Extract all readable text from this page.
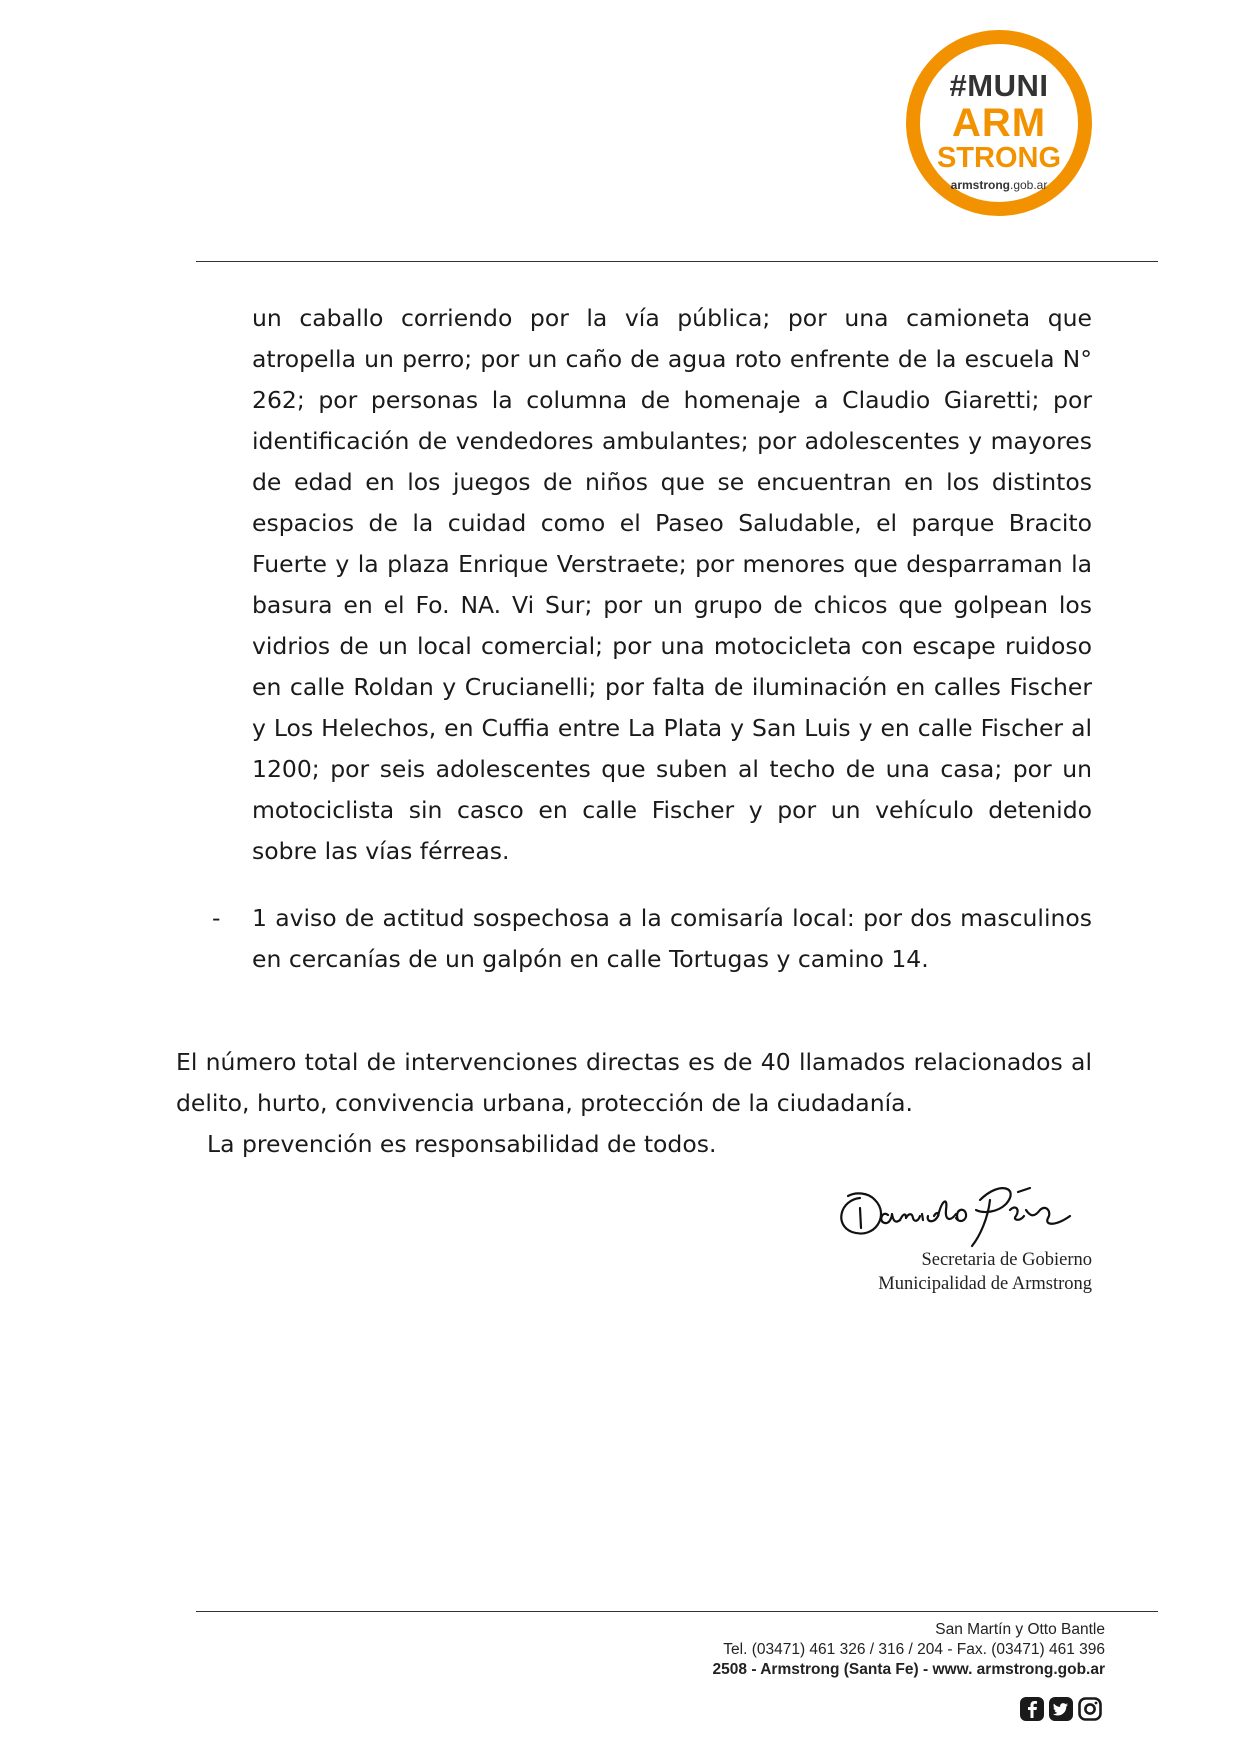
#MUNI
ARM
STRONG
armstrong.gob.ar
un caballo corriendo por la vía pública; por una camioneta que atropella un perro; por un caño de agua roto enfrente de la escuela N° 262; por personas la columna de homenaje a Claudio Giaretti; por identificación de vendedores ambulantes; por adolescentes y mayores de edad en los juegos de niños que se encuentran en los distintos espacios de la cuidad como el Paseo Saludable, el parque Bracito Fuerte y la plaza Enrique Verstraete; por menores que desparraman la basura en el Fo. NA. Vi Sur; por un grupo de chicos que golpean los vidrios de un local comercial; por una motocicleta con escape ruidoso en calle Roldan y Crucianelli; por falta de iluminación en calles Fischer y Los Helechos, en Cuffia entre La Plata y San Luis y en calle Fischer al 1200; por seis adolescentes que suben al techo de una casa; por un motociclista sin casco en calle Fischer y por un vehículo detenido sobre las vías férreas.
- 1 aviso de actitud sospechosa a la comisaría local: por dos masculinos en cercanías de un galpón en calle Tortugas y camino 14.
El número total de intervenciones directas es de 40 llamados relacionados al delito, hurto, convivencia urbana, protección de la ciudadanía.
La prevención es responsabilidad de todos.
Secretaria de Gobierno
Municipalidad de Armstrong
San Martín y Otto Bantle
Tel. (03471) 461 326 / 316 / 204 - Fax. (03471) 461 396
2508 - Armstrong (Santa Fe) - www. armstrong.gob.ar
